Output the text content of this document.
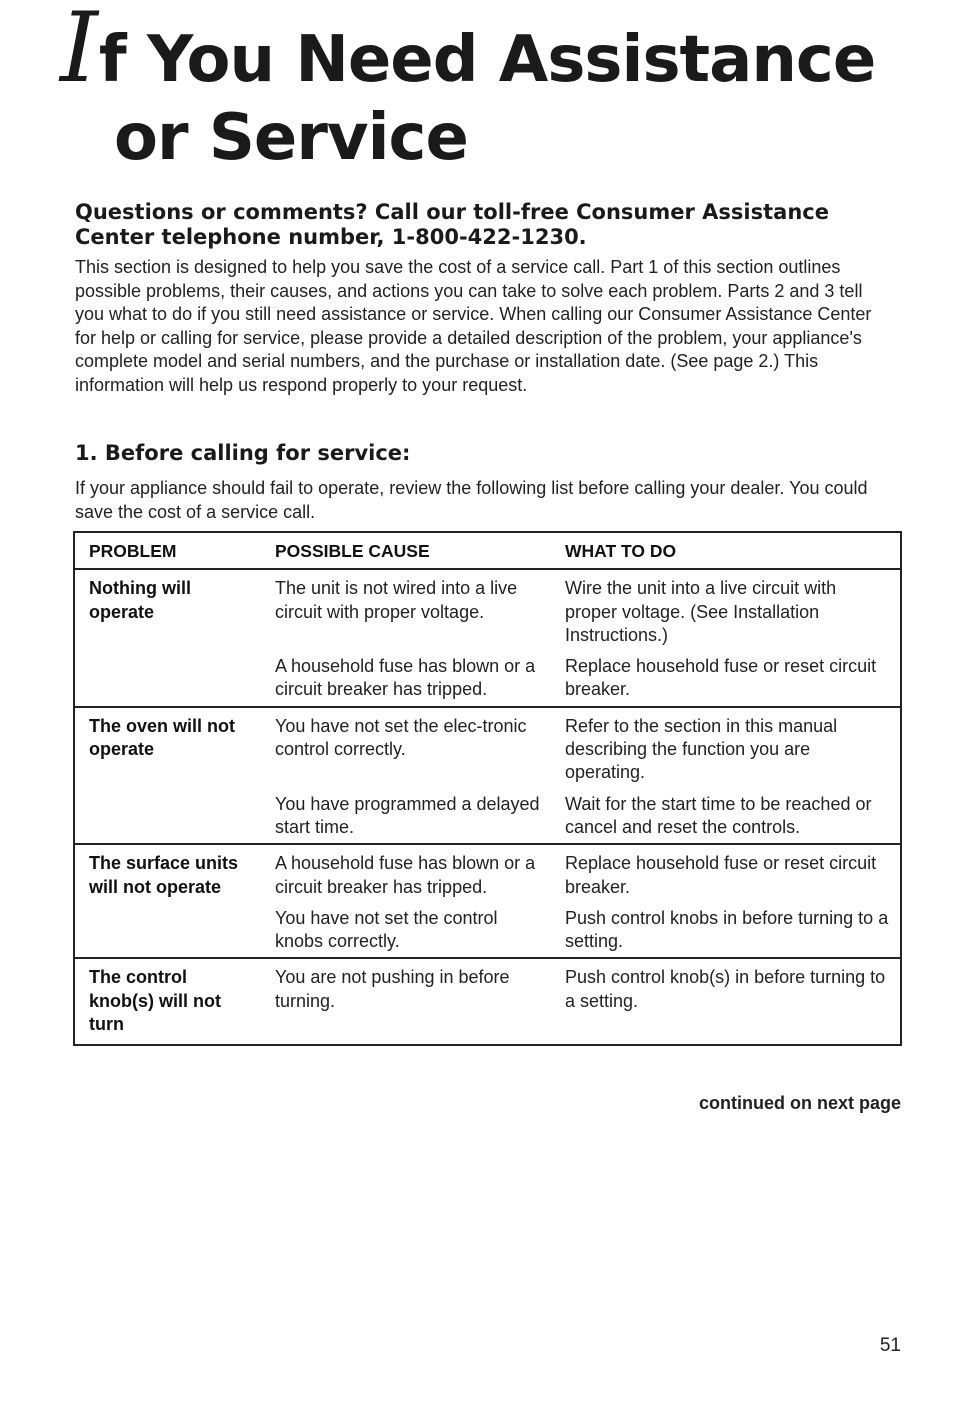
If You Need Assistance
or Service
Questions or comments? Call our toll-free Consumer Assistance Center telephone number, 1-800-422-1230.
This section is designed to help you save the cost of a service call. Part 1 of this section outlines possible problems, their causes, and actions you can take to solve each problem. Parts 2 and 3 tell you what to do if you still need assistance or service. When calling our Consumer Assistance Center for help or calling for service, please provide a detailed description of the problem, your appliance's complete model and serial numbers, and the purchase or installation date. (See page 2.) This information will help us respond properly to your request.
1. Before calling for service:
If your appliance should fail to operate, review the following list before calling your dealer. You could save the cost of a service call.
PROBLEM	POSSIBLE CAUSE	WHAT TO DO
Nothing will operate	The unit is not wired into a live circuit with proper voltage.	Wire the unit into a live circuit with proper voltage. (See Installation Instructions.)
	A household fuse has blown or a circuit breaker has tripped.	Replace household fuse or reset circuit breaker.
The oven will not operate	You have not set the elec-tronic control correctly.	Refer to the section in this manual describing the function you are operating.
	You have programmed a delayed start time.	Wait for the start time to be reached or cancel and reset the controls.
The surface units will not operate	A household fuse has blown or a circuit breaker has tripped.	Replace household fuse or reset circuit breaker.
	You have not set the control knobs correctly.	Push control knobs in before turning to a setting.
The control knob(s) will not turn	You are not pushing in before turning.	Push control knob(s) in before turning to a setting.
continued on next page
51
